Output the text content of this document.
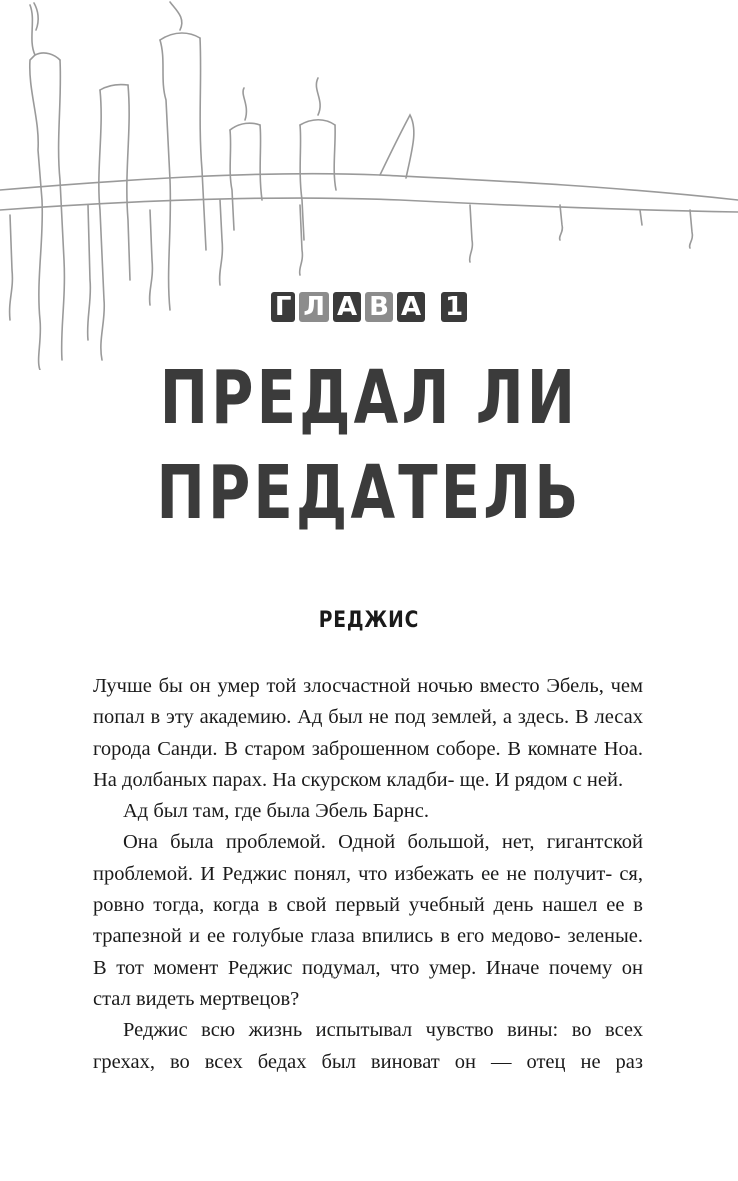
Г Л А В А 1
ПРЕДАЛ ЛИ
ПРЕДАТЕЛЬ
РЕДЖИС

Лучше бы он умер той злосчастной ночью вместо Эбель, чем попал в эту академию. Ад был не под землей, а здесь. В лесах города Санди. В старом заброшенном соборе. В комнате Ноа. На долбаных парах. На скурском кладби- ще. И рядом с ней.

Ад был там, где была Эбель Барнс.

Она была проблемой. Одной большой, нет, гигантской проблемой. И Реджис понял, что избежать ее не получит- ся, ровно тогда, когда в свой первый учебный день нашел ее в трапезной и ее голубые глаза впились в его медово- зеленые. В тот момент Реджис подумал, что умер. Иначе почему он стал видеть мертвецов?

Реджис всю жизнь испытывал чувство вины: во всех грехах, во всех бедах был виноват он — отец не раз
